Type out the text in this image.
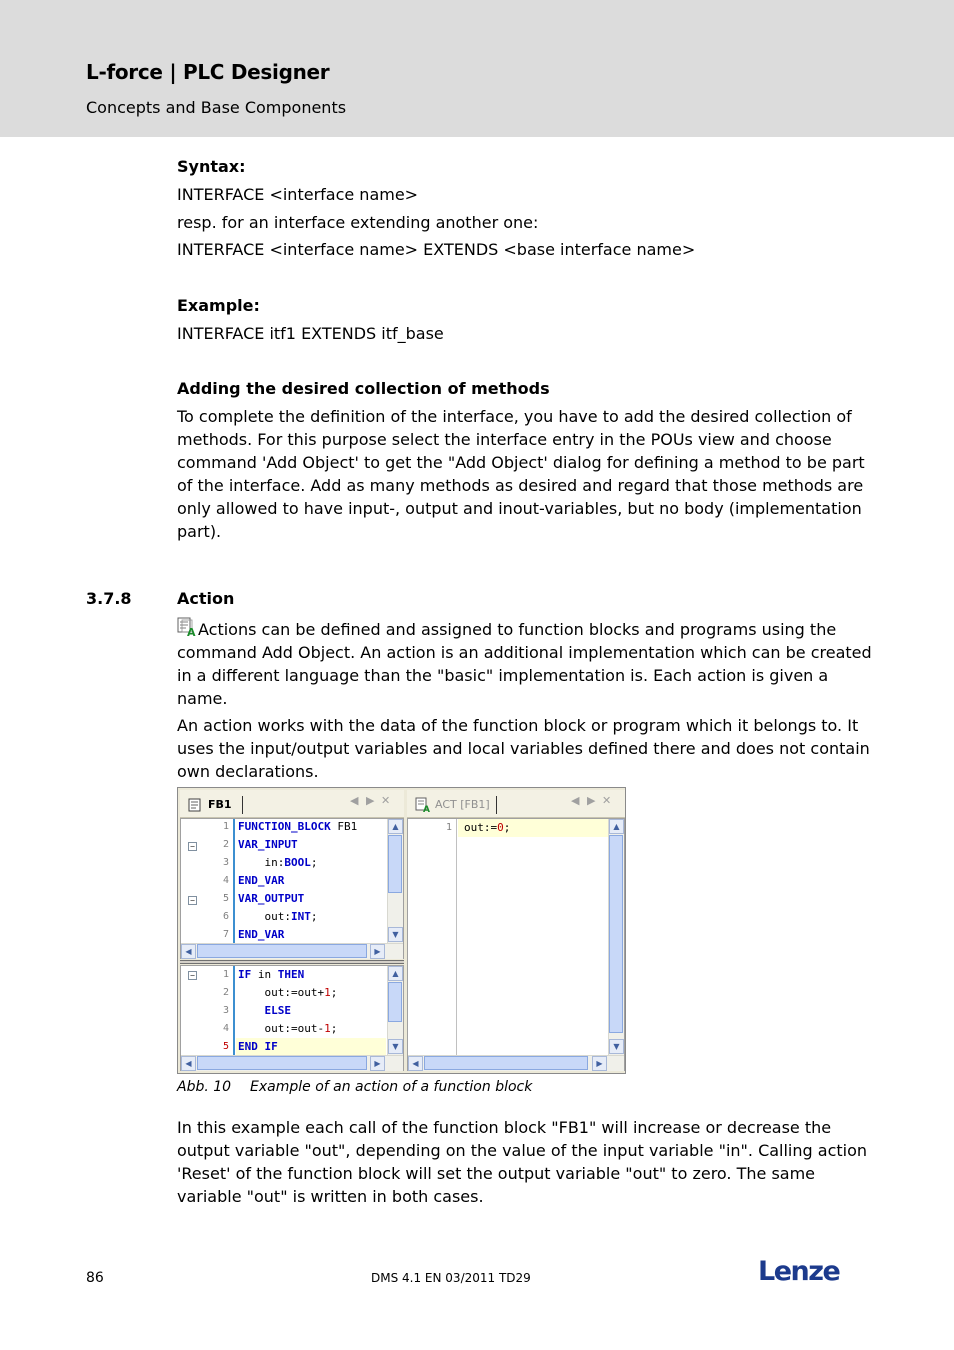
L-force | PLC Designer
Concepts and Base Components
Syntax:
INTERFACE <interface name>
resp. for an interface extending another one:
INTERFACE <interface name> EXTENDS <base interface name>
Example:
INTERFACE itf1 EXTENDS itf_base
Adding the desired collection of methods
To complete the definition of the interface, you have to add the desired collection of
methods. For this purpose select the interface entry in the POUs view and choose
command 'Add Object' to get the "Add Object' dialog for defining a method to be part
of the interface. Add as many methods as desired and regard that those methods are
only allowed to have input-, output and inout-variables, but no body (implementation
part).
3.7.8	Action
A Actions can be defined and assigned to function blocks and programs using the
command Add Object. An action is an additional implementation which can be created
in a different language than the "basic" implementation is. Each action is given a
name.
An action works with the data of the function block or program which it belongs to. It
uses the input/output variables and local variables defined there and does not contain
own declarations.
FB1	◀ ▶ ✕
1
2
3
4
5
6
7
FUNCTION_BLOCK FB1
VAR_INPUT
in:BOOL;
END_VAR
VAR_OUTPUT
out:INT;
END_VAR
−
−
▲
▼
◀	▶
1
2
3
4
5
IF in THEN
out:=out+1;
ELSE
out:=out-1;
END IF
−	▲
▼
◀	▶
A ACT [FB1]	◀ ▶ ✕
1 out:=0;	▲
▼
◀	▶
Abb. 10 Example of an action of a function block
In this example each call of the function block "FB1" will increase or decrease the
output variable "out", depending on the value of the input variable "in". Calling action
'Reset' of the function block will set the output variable "out" to zero. The same
variable "out" is written in both cases.
86	DMS 4.1 EN 03/2011 TD29	Lenze
